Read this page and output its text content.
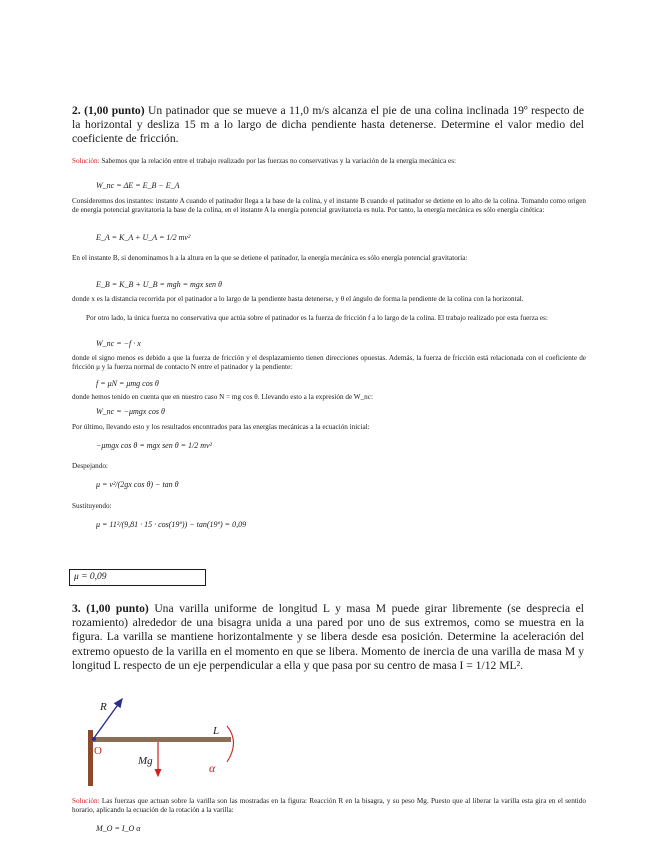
2. (1,00 punto) Un patinador que se mueve a 11,0 m/s alcanza el pie de una colina inclinada 19º respecto de la horizontal y desliza 15 m a lo largo de dicha pendiente hasta detenerse. Determine el valor medio del coeficiente de fricción.
Solución: Sabemos que la relación entre el trabajo realizado por las fuerzas no conservativas y la variación de la energía mecánica es:
W_nc = ΔE = E_B − E_A
Consideremos dos instantes: instante A cuando el patinador llega a la base de la colina, y el instante B cuando el patinador se detiene en lo alto de la colina. Tomando como origen de energía potencial gravitatoria la base de la colina, en el instante A la energía potencial gravitatoria es nula. Por tanto, la energía mecánica es sólo energía cinética:
E_A = K_A + U_A = 1/2 mv²
En el instante B, si denominamos h a la altura en la que se detiene el patinador, la energía mecánica es sólo energía potencial gravitatoria:
E_B = K_B + U_B = mgh = mgx sen θ
donde x es la distancia recorrida por el patinador a lo largo de la pendiente hasta detenerse, y θ el ángulo de forma la pendiente de la colina con la horizontal.
Por otro lado, la única fuerza no conservativa que actúa sobre el patinador es la fuerza de fricción f a lo largo de la colina. El trabajo realizado por esta fuerza es:
W_nc = −f · x
donde el signo menos es debido a que la fuerza de fricción y el desplazamiento tienen direcciones opuestas. Además, la fuerza de fricción está relacionada con el coeficiente de fricción μ y la fuerza normal de contacto N entre el patinador y la pendiente:
f = μN = μmg cos θ
donde hemos tenido en cuenta que en nuestro caso N = mg cos θ. Llevando esto a la expresión de W_nc:
W_nc = −μmgx cos θ
Por último, llevando esto y los resultados encontrados para las energías mecánicas a la ecuación inicial:
−μmgx cos θ = mgx sen θ = 1/2 mv²
Despejando:
μ = v²/(2gx cos θ) − tan θ
Sustituyendo:
μ = 11²/(9,81 · 15 · cos(19º)) − tan(19º) = 0,09
μ = 0,09
3. (1,00 punto) Una varilla uniforme de longitud L y masa M puede girar libremente (se desprecia el rozamiento) alrededor de una bisagra unida a una pared por uno de sus extremos, como se muestra en la figura. La varilla se mantiene horizontalmente y se libera desde esa posición. Determine la aceleración del extremo opuesto de la varilla en el momento en que se libera. Momento de inercia de una varilla de masa M y longitud L respecto de un eje perpendicular a ella y que pasa por su centro de masa I = 1/12 ML².
R
O
L
Mg	α
Solución: Las fuerzas que actuan sobre la varilla son las mostradas en la figura: Reacción R en la bisagra, y su peso Mg. Puesto que al liberar la varilla esta gira en el sentido horario, aplicando la ecuación de la rotación a la varilla:
M_O = I_O α
